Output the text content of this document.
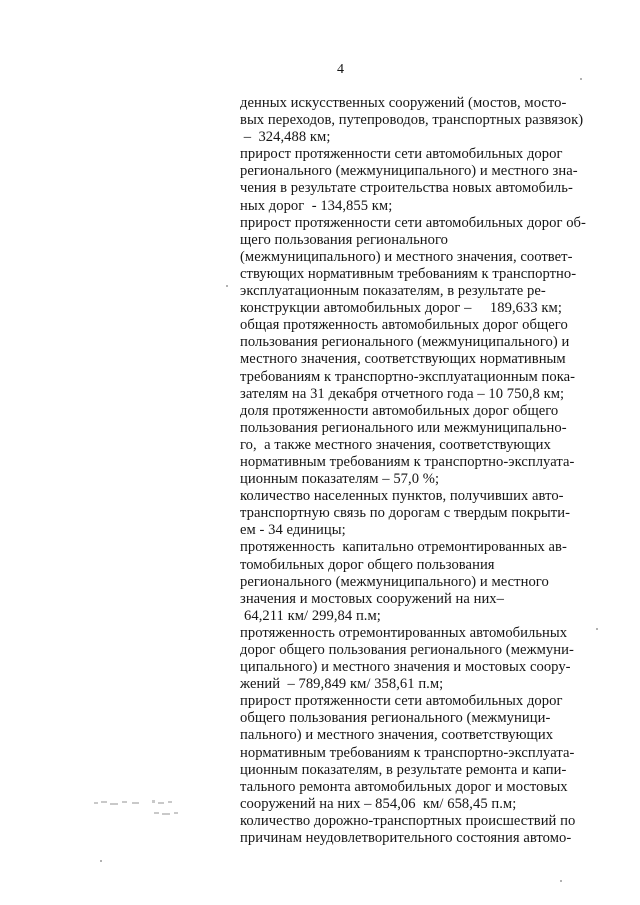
4
денных искусственных сооружений (мостов, мосто-
вых переходов, путепроводов, транспортных развязок)
–  324,488 км;
прирост протяженности сети автомобильных дорог
регионального (межмуниципального) и местного зна-
чения в результате строительства новых автомобиль-
ных дорог  - 134,855 км;
прирост протяженности сети автомобильных дорог об-
щего пользования регионального
(межмуниципального) и местного значения, соответ-
ствующих нормативным требованиям к транспортно-
эксплуатационным показателям, в результате ре-
конструкции автомобильных дорог –     189,633 км;
общая протяженность автомобильных дорог общего
пользования регионального (межмуниципального) и
местного значения, соответствующих нормативным
требованиям к транспортно-эксплуатационным пока-
зателям на 31 декабря отчетного года – 10 750,8 км;
доля протяженности автомобильных дорог общего
пользования регионального или межмуниципально-
го,  а также местного значения, соответствующих
нормативным требованиям к транспортно-эксплуата-
ционным показателям – 57,0 %;
количество населенных пунктов, получивших авто-
транспортную связь по дорогам с твердым покрыти-
ем - 34 единицы;
протяженность  капитально отремонтированных ав-
томобильных дорог общего пользования
регионального (межмуниципального) и местного
значения и мостовых сооружений на них–
64,211 км/ 299,84 п.м;
протяженность отремонтированных автомобильных
дорог общего пользования регионального (межмуни-
ципального) и местного значения и мостовых соору-
жений  – 789,849 км/ 358,61 п.м;
прирост протяженности сети автомобильных дорог
общего пользования регионального (межмуници-
пального) и местного значения, соответствующих
нормативным требованиям к транспортно-эксплуата-
ционным показателям, в результате ремонта и капи-
тального ремонта автомобильных дорог и мостовых
сооружений на них – 854,06  км/ 658,45 п.м;
количество дорожно-транспортных происшествий по
причинам неудовлетворительного состояния автомо-
